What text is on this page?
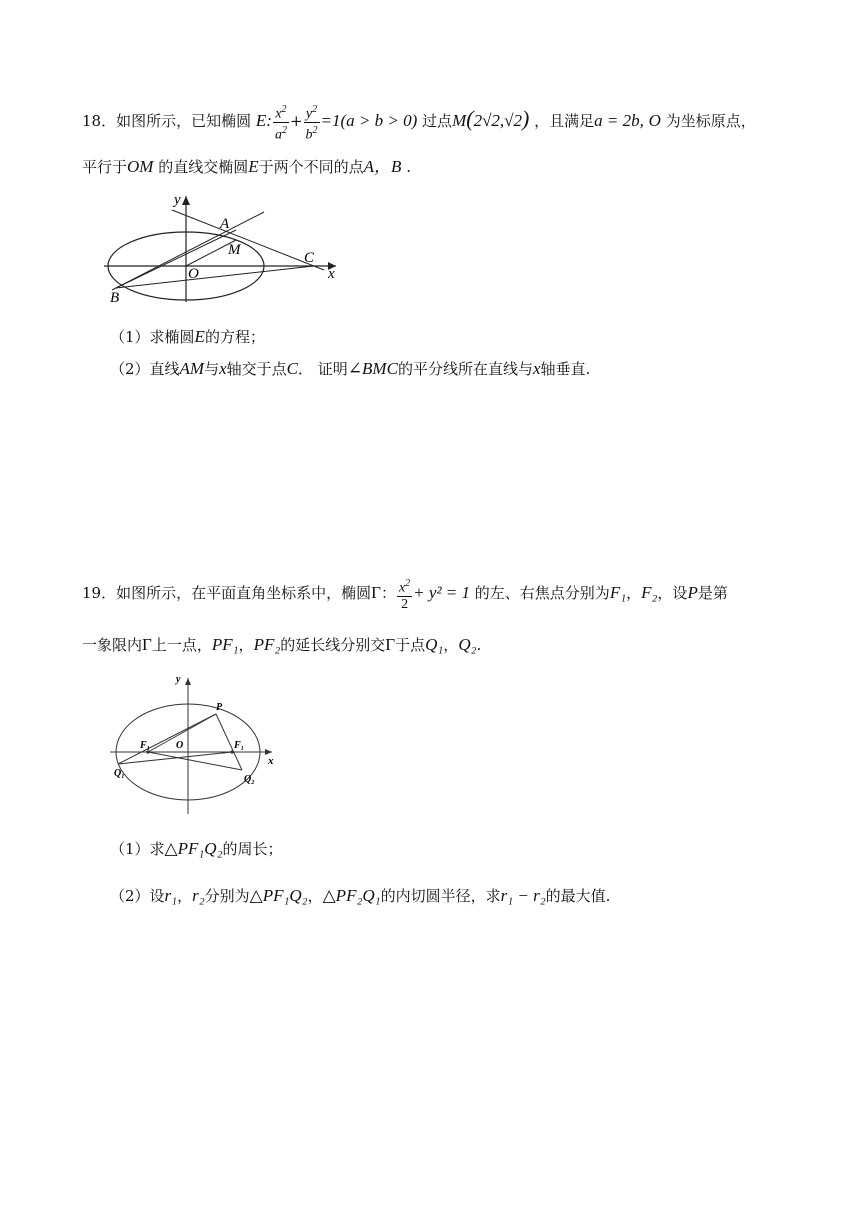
18．如图所示，已知椭圆 E: $\frac{x^2}{a^2} + \frac{y^2}{b^2} =1(a > b > 0)$ 过点M(2√2,√2) ，且满足a = 2b, O 为坐标原点，
平行于OM 的直线交椭圆E于两个不同的点A，B .
y
x
A
M
O
C
B
（1）求椭圆E的方程；
（2）直线AM与x轴交于点C． 证明∠BMC的平分线所在直线与x轴垂直.
19．如图所示，在平面直角坐标系中，椭圆Γ： $\frac{x^2}{2} + y^2 = 1$ 的左、右焦点分别为F₁，F₂，设P是第
一象限内Γ上一点，PF₁，PF₂的延长线分别交Γ于点Q₁，Q₂.
y
x
P
O
F₁	F₁
Q₁
Q₂
（1）求△PF₁Q₂的周长；
（2）设r₁，r₂分别为△PF₁Q₂，△PF₂Q₁的内切圆半径，求r₁ − r₂的最大值.
